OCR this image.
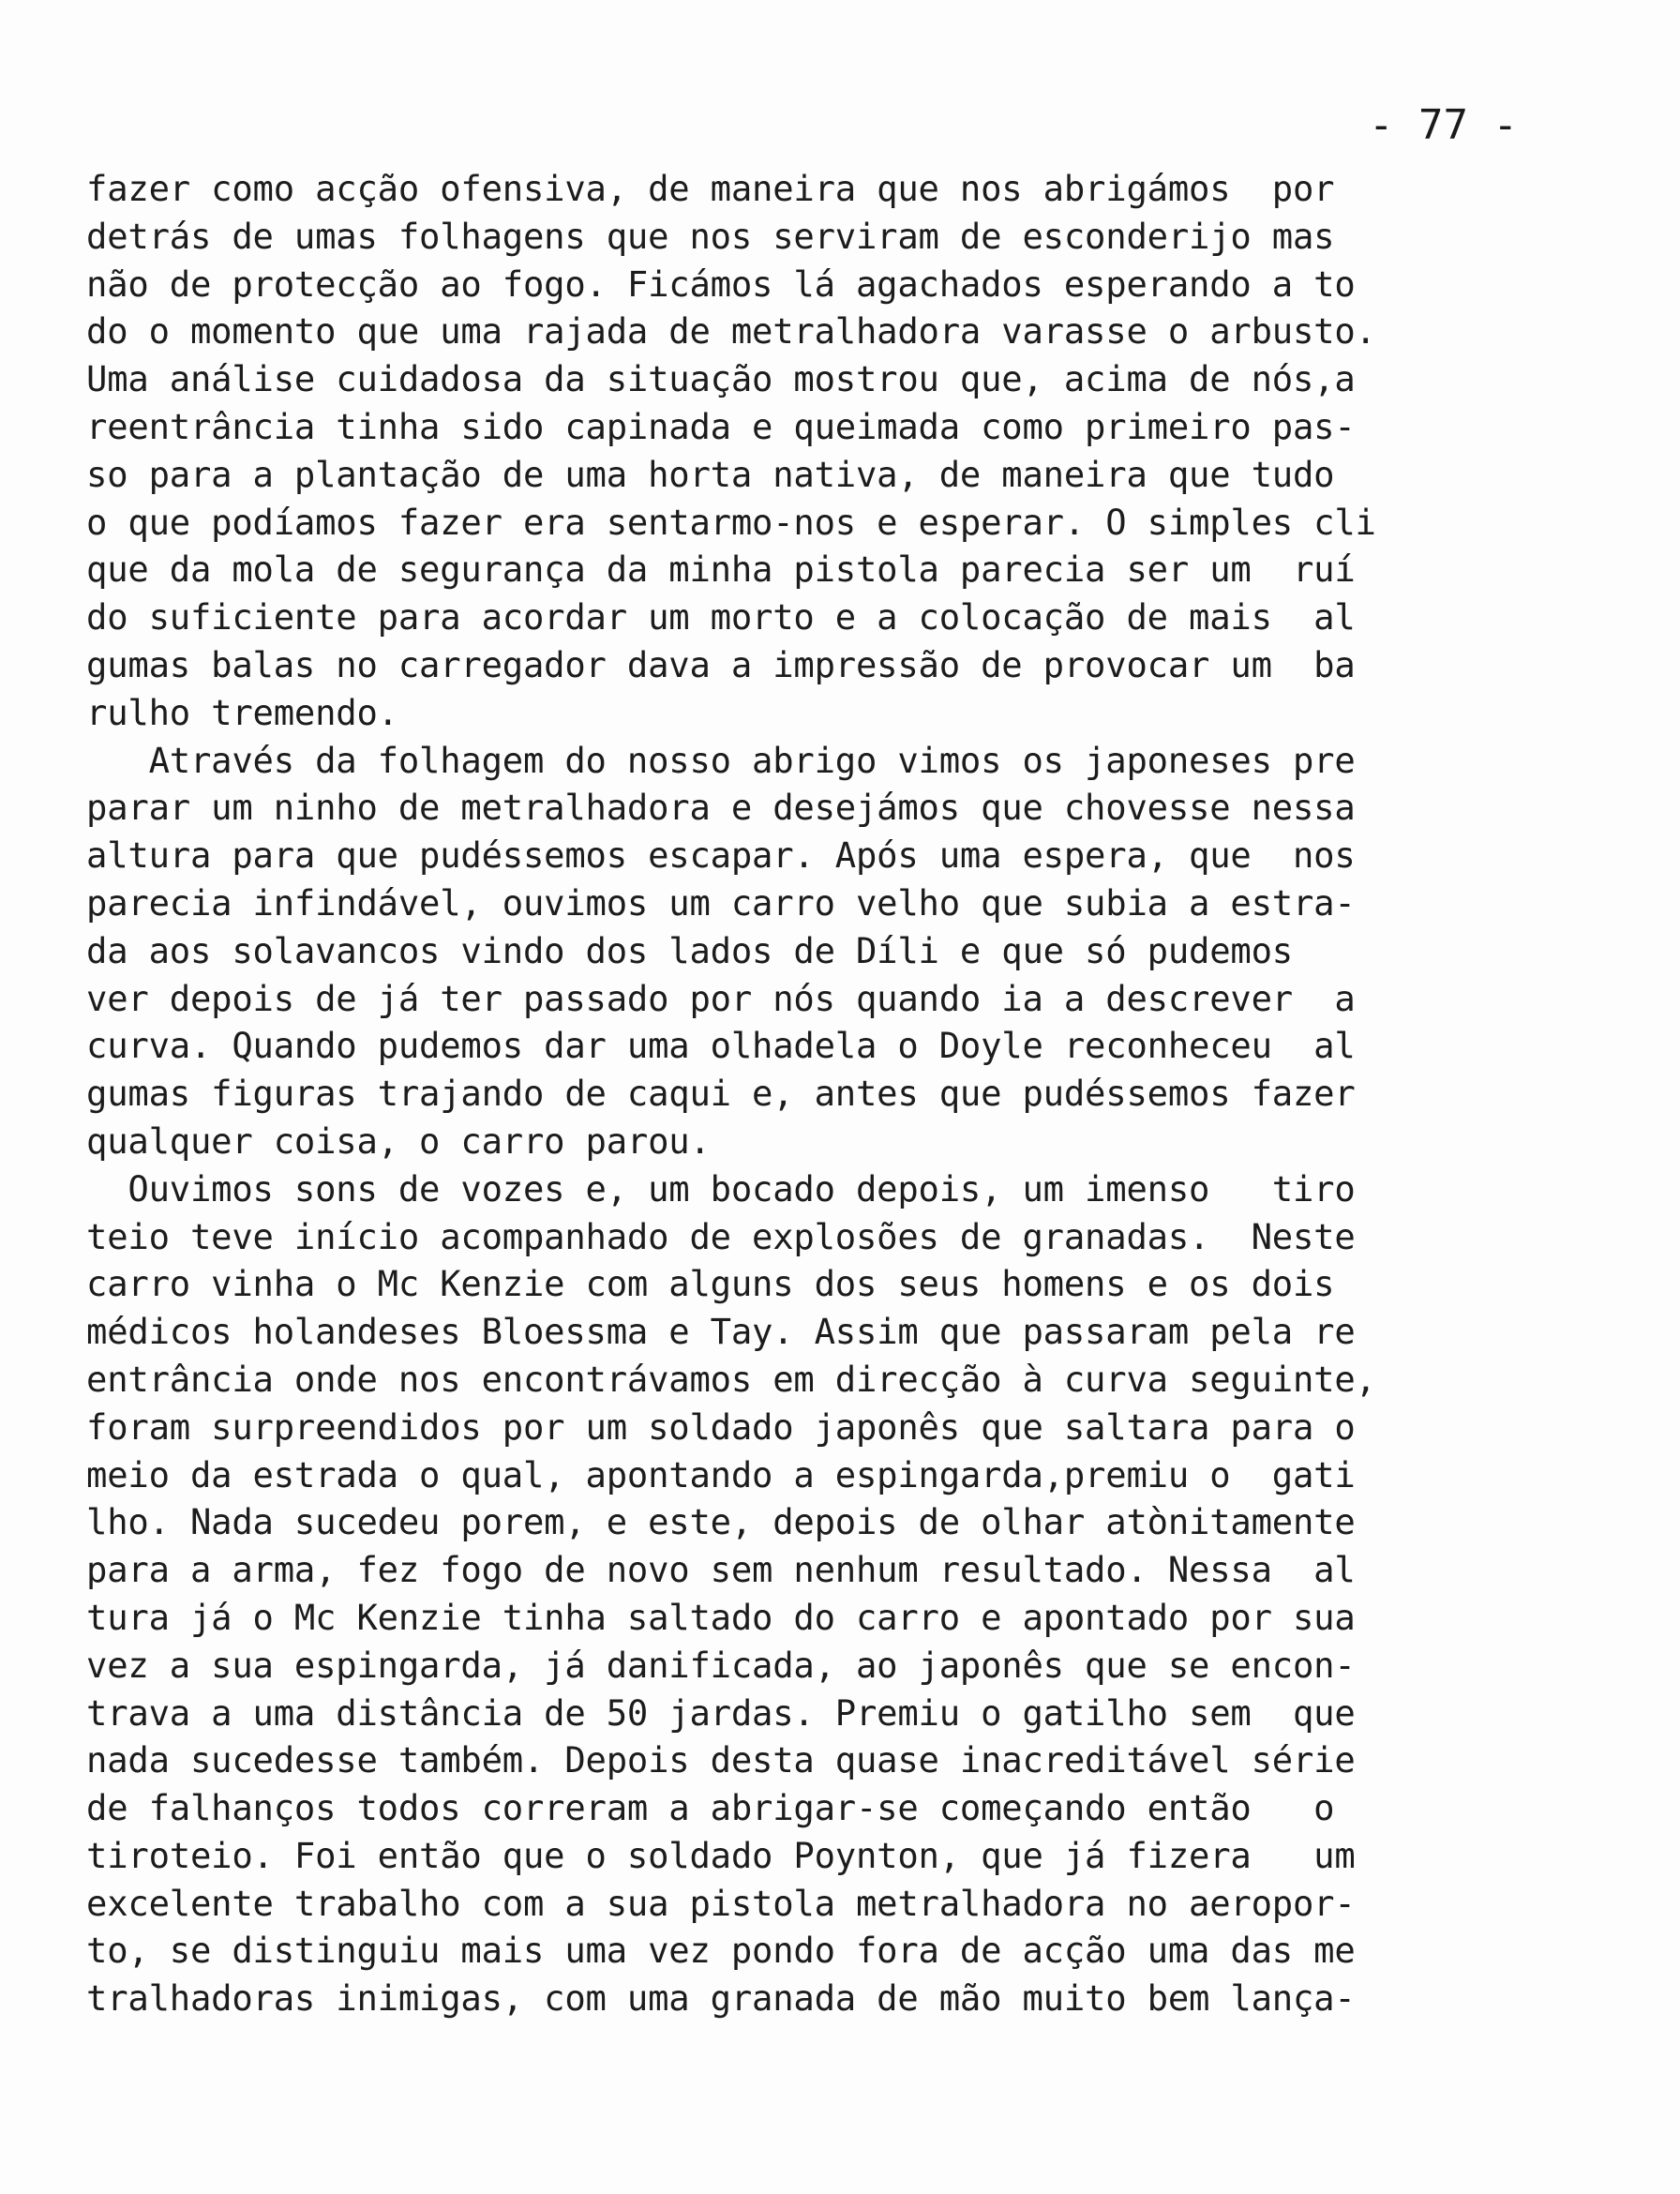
- 77 -
fazer como acção ofensiva, de maneira que nos abrigámos  por
detrás de umas folhagens que nos serviram de esconderijo mas
não de protecção ao fogo. Ficámos lá agachados esperando a to
do o momento que uma rajada de metralhadora varasse o arbusto.
Uma análise cuidadosa da situação mostrou que, acima de nós,a
reentrância tinha sido capinada e queimada como primeiro pas-
so para a plantação de uma horta nativa, de maneira que tudo
o que podíamos fazer era sentarmo-nos e esperar. O simples cli
que da mola de segurança da minha pistola parecia ser um  ruí
do suficiente para acordar um morto e a colocação de mais  al
gumas balas no carregador dava a impressão de provocar um  ba
rulho tremendo.
Através da folhagem do nosso abrigo vimos os japoneses pre
parar um ninho de metralhadora e desejámos que chovesse nessa
altura para que pudéssemos escapar. Após uma espera, que  nos
parecia infindável, ouvimos um carro velho que subia a estra-
da aos solavancos vindo dos lados de Díli e que só pudemos
ver depois de já ter passado por nós quando ia a descrever  a
curva. Quando pudemos dar uma olhadela o Doyle reconheceu  al
gumas figuras trajando de caqui e, antes que pudéssemos fazer
qualquer coisa, o carro parou.
Ouvimos sons de vozes e, um bocado depois, um imenso   tiro
teio teve início acompanhado de explosões de granadas.  Neste
carro vinha o Mc Kenzie com alguns dos seus homens e os dois
médicos holandeses Bloessma e Tay. Assim que passaram pela re
entrância onde nos encontrávamos em direcção à curva seguinte,
foram surpreendidos por um soldado japonês que saltara para o
meio da estrada o qual, apontando a espingarda,premiu o  gati
lho. Nada sucedeu porem, e este, depois de olhar atònitamente
para a arma, fez fogo de novo sem nenhum resultado. Nessa  al
tura já o Mc Kenzie tinha saltado do carro e apontado por sua
vez a sua espingarda, já danificada, ao japonês que se encon-
trava a uma distância de 50 jardas. Premiu o gatilho sem  que
nada sucedesse também. Depois desta quase inacreditável série
de falhanços todos correram a abrigar-se começando então   o
tiroteio. Foi então que o soldado Poynton, que já fizera   um
excelente trabalho com a sua pistola metralhadora no aeropor-
to, se distinguiu mais uma vez pondo fora de acção uma das me
tralhadoras inimigas, com uma granada de mão muito bem lança-
